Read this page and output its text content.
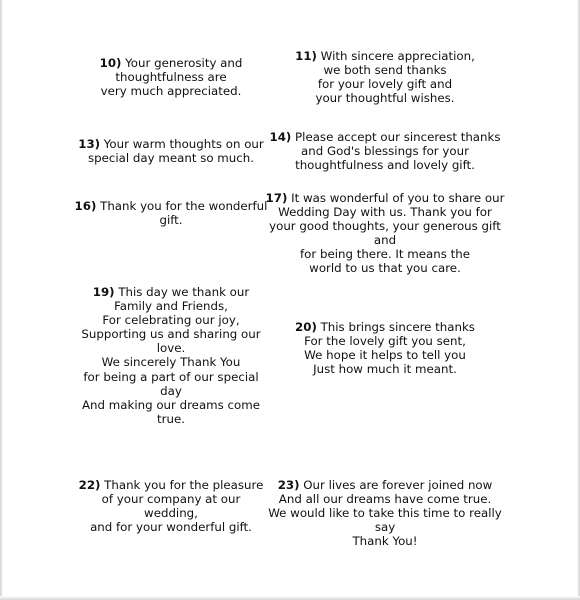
10) Your generosity and
thoughtfulness are
very much appreciated.
11) With sincere appreciation,
we both send thanks
for your lovely gift and
your thoughtful wishes.
13) Your warm thoughts on our
special day meant so much.
14) Please accept our sincerest thanks
and God's blessings for your
thoughtfulness and lovely gift.
16) Thank you for the wonderful
gift.
17) It was wonderful of you to share our
Wedding Day with us. Thank you for
your good thoughts, your generous gift and
for being there. It means the
world to us that you care.
19) This day we thank our
Family and Friends,
For celebrating our joy,
Supporting us and sharing our
love.
We sincerely Thank You
for being a part of our special
day
And making our dreams come
true.
20) This brings sincere thanks
For the lovely gift you sent,
We hope it helps to tell you
Just how much it meant.
22) Thank you for the pleasure
of your company at our
wedding,
and for your wonderful gift.
23) Our lives are forever joined now
And all our dreams have come true.
We would like to take this time to really
say
Thank You!
